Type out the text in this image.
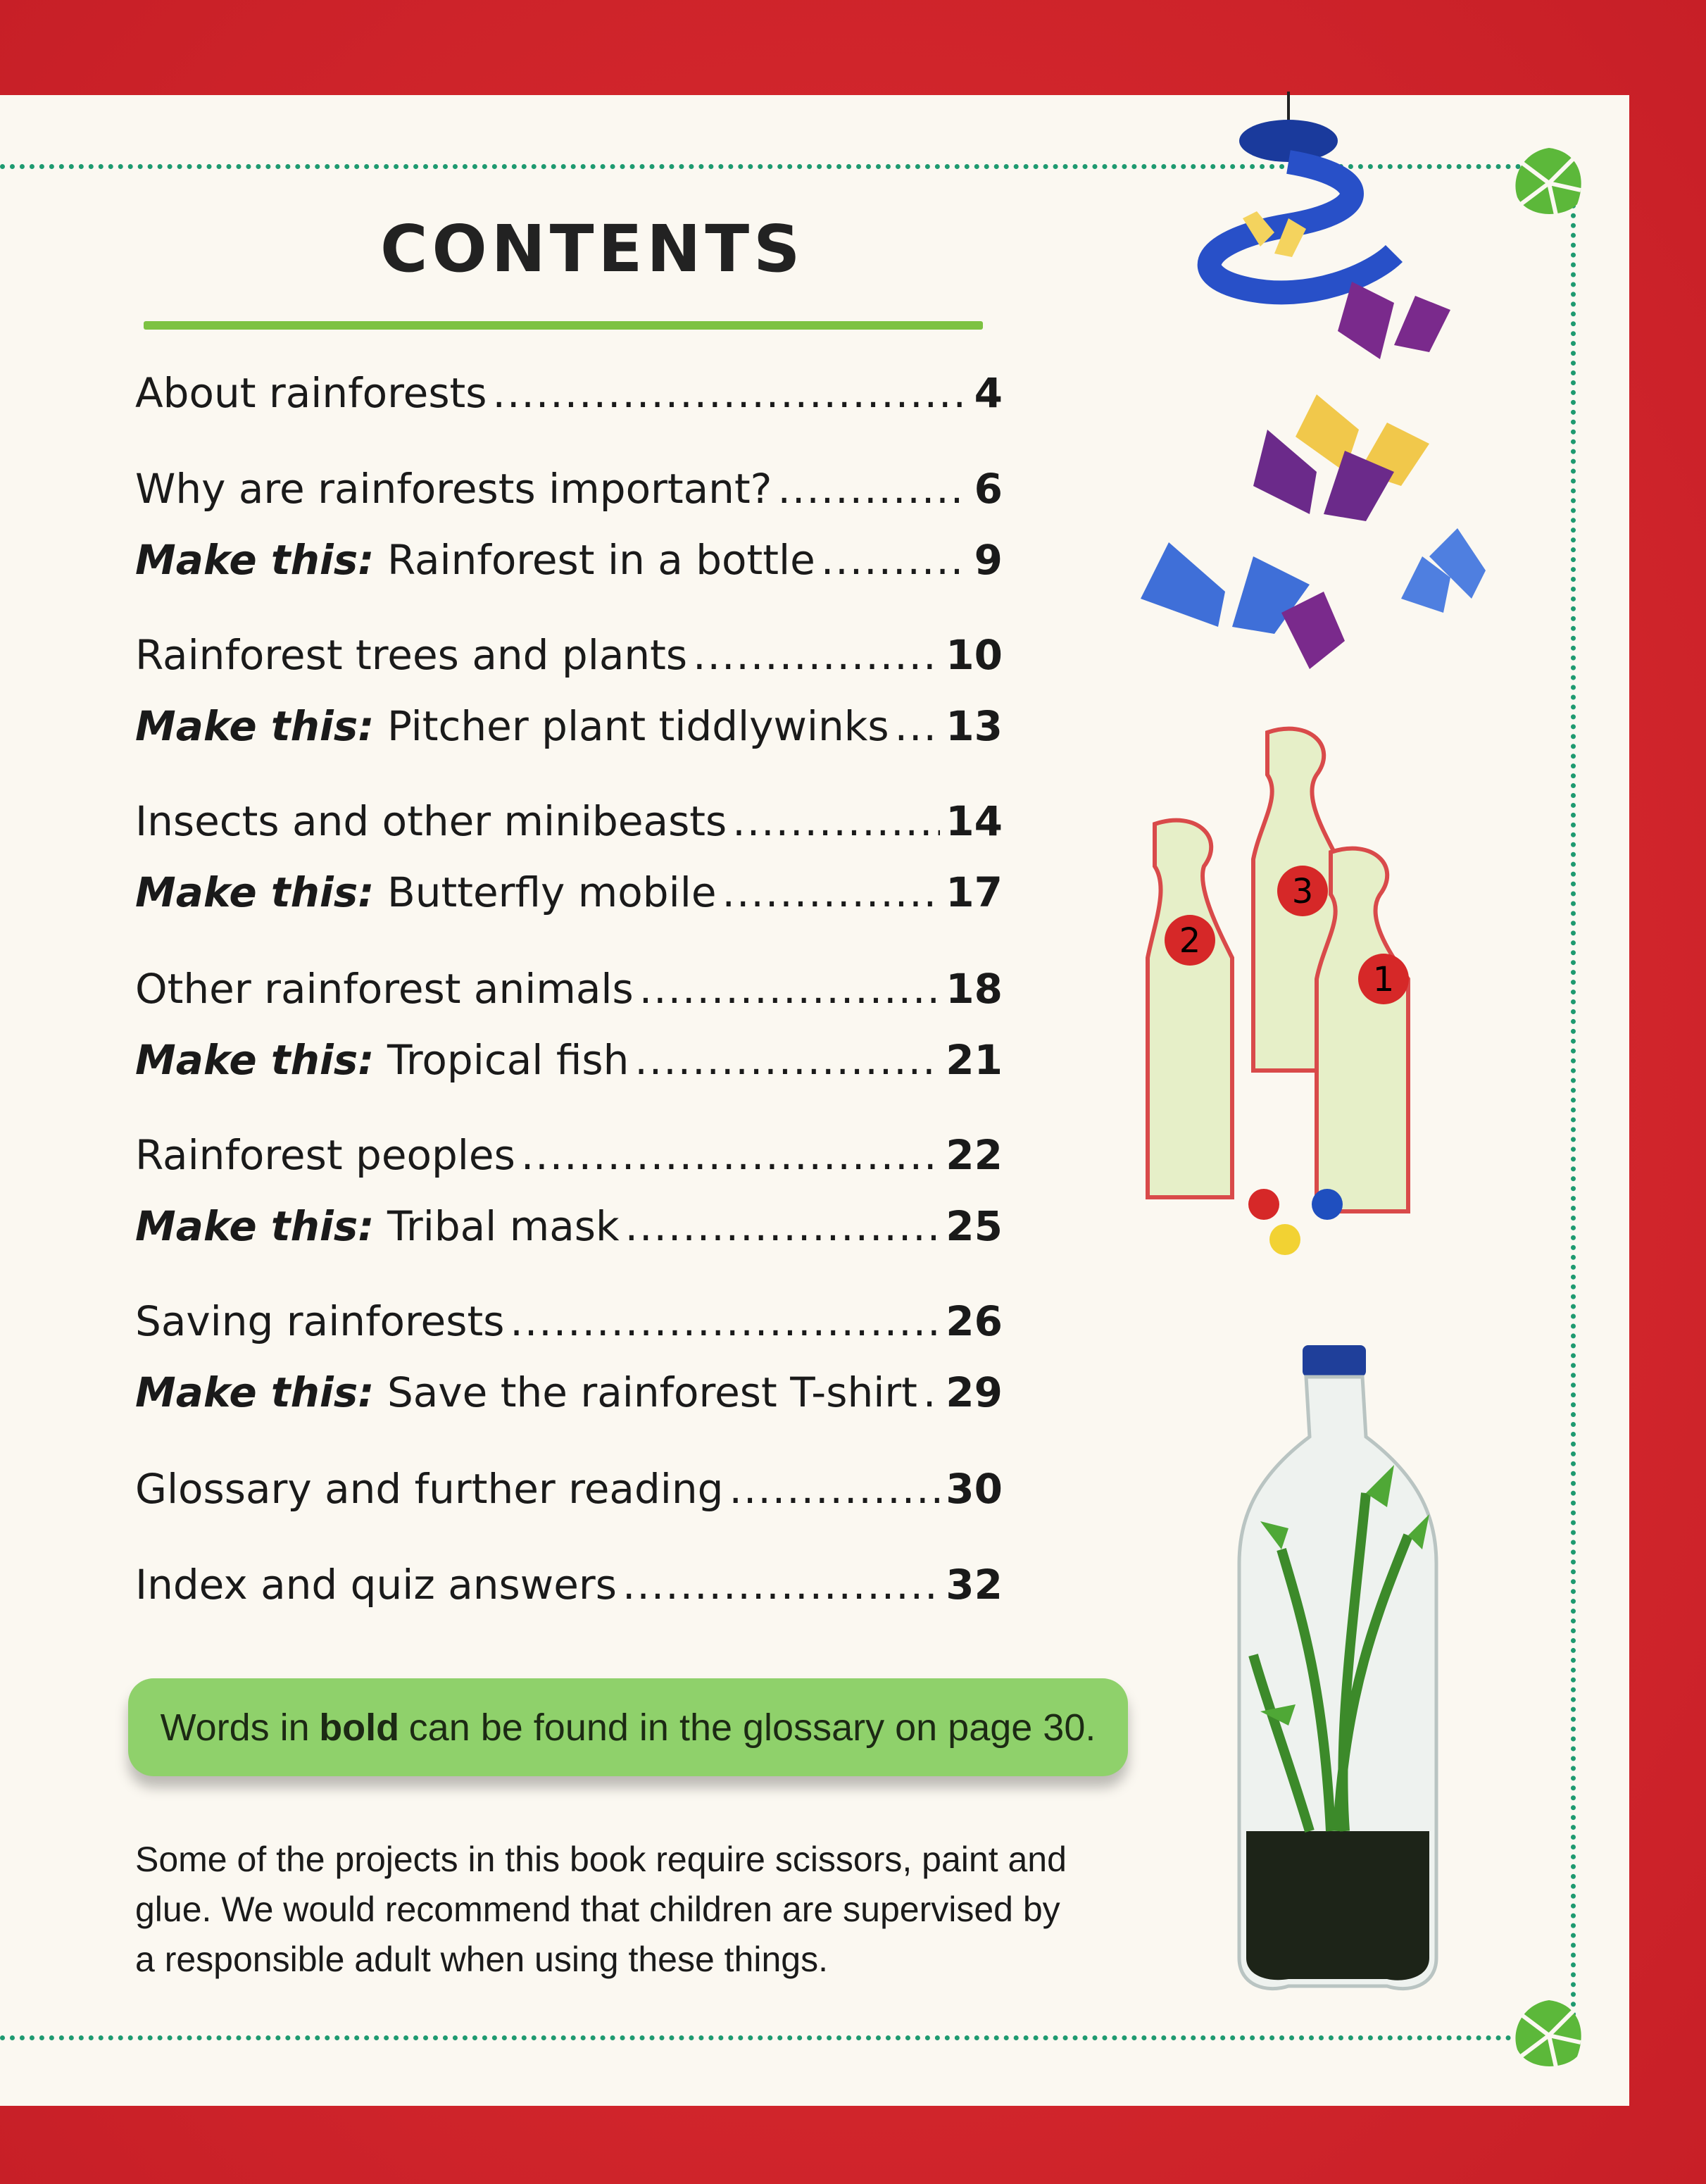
CONTENTS
About rainforests .....	4
Why are rainforests important? .....	6
Make this: Rainforest in a bottle .....	9
Rainforest trees and plants .....	10
Make this: Pitcher plant tiddlywinks ..... 13
Insects and other minibeasts .....	14
Make this: Butterfly mobile .....	17
Other rainforest animals .....	18
Make this: Tropical fish .....	21
Rainforest peoples .....	22
Make this: Tribal mask .....	25
Saving rainforests .....	26
Make this: Save the rainforest T-shirt ..... 29
Glossary and further reading .....	30
Index and quiz answers .....	32
Words in bold can be found in the glossary on page 30.
Some of the projects in this book require scissors, paint and
glue. We would recommend that children are supervised by
a responsible adult when using these things.
3
2
1
